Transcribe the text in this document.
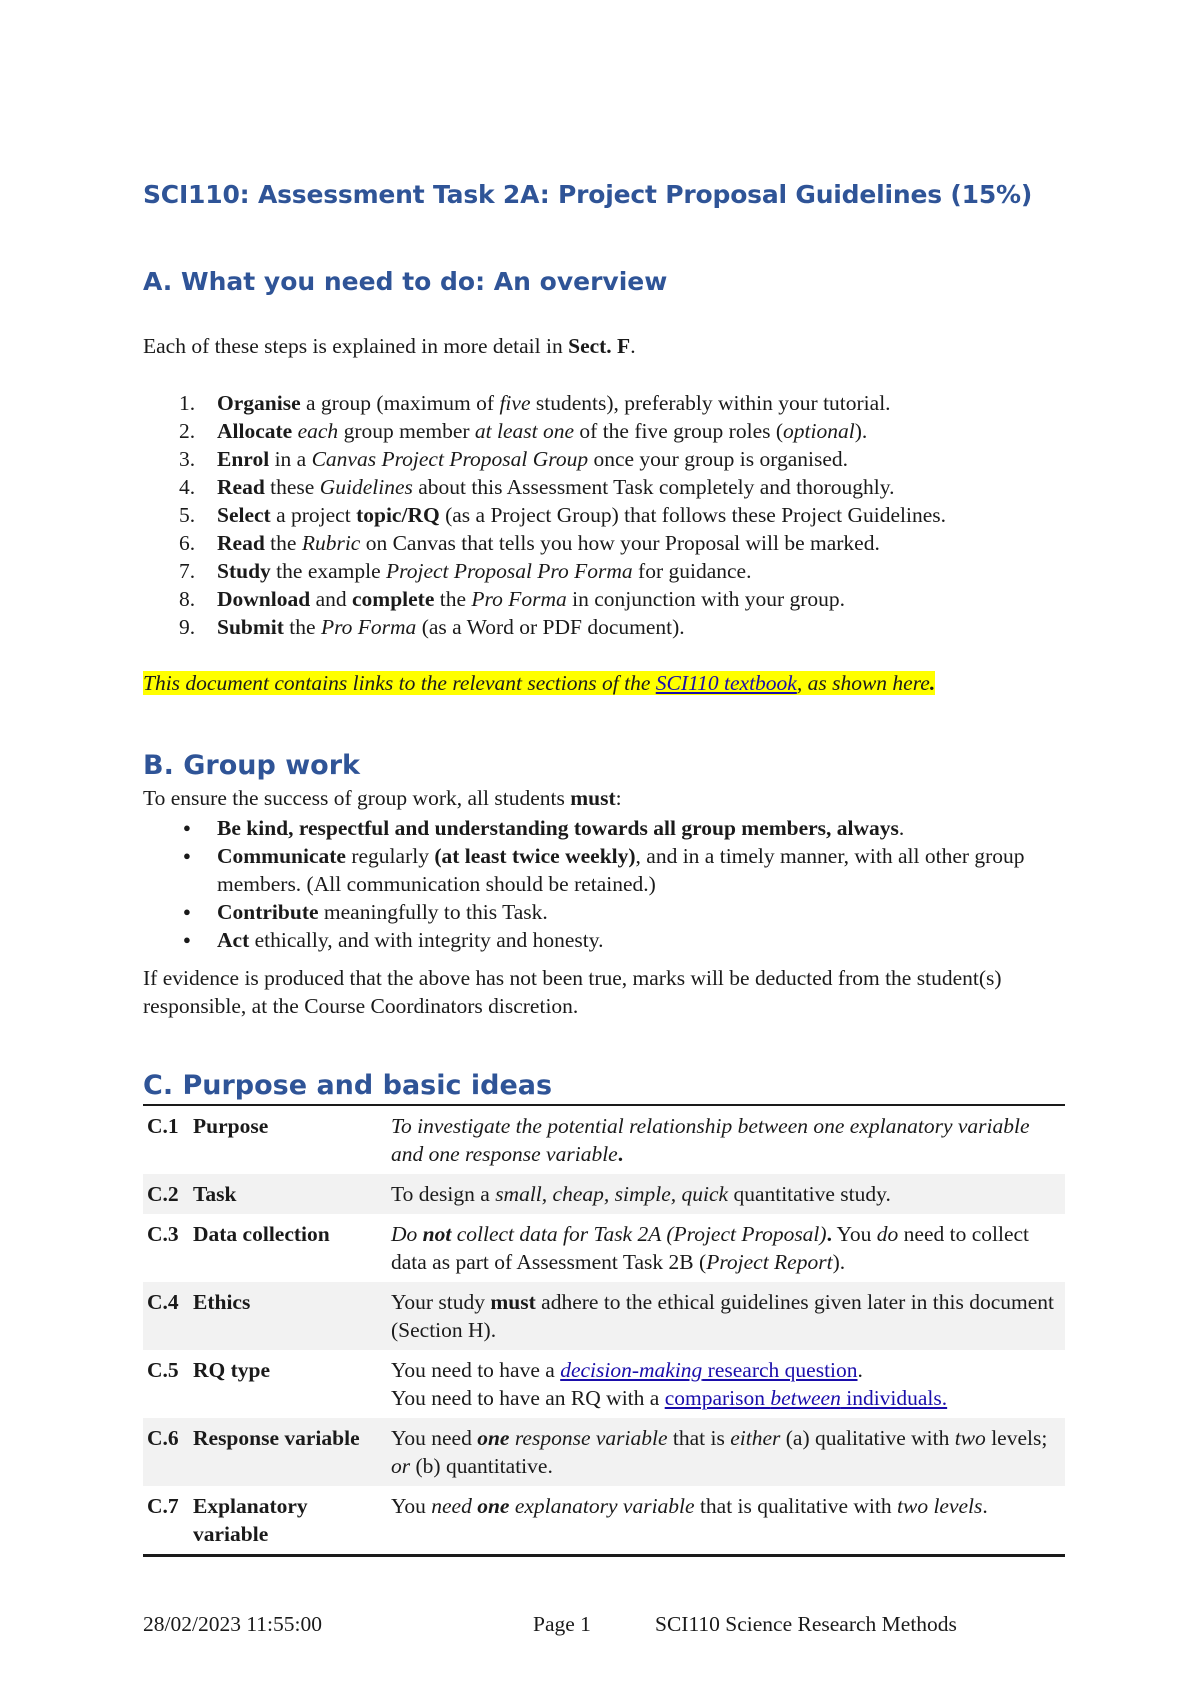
SCI110: Assessment Task 2A: Project Proposal Guidelines (15%)
A. What you need to do: An overview

Each of these steps is explained in more detail in Sect. F.

1. Organise a group (maximum of five students), preferably within your tutorial.
2. Allocate each group member at least one of the five group roles (optional).
3. Enrol in a Canvas Project Proposal Group once your group is organised.
4. Read these Guidelines about this Assessment Task completely and thoroughly.
5. Select a project topic/RQ (as a Project Group) that follows these Project Guidelines.
6. Read the Rubric on Canvas that tells you how your Proposal will be marked.
7. Study the example Project Proposal Pro Forma for guidance.
8. Download and complete the Pro Forma in conjunction with your group.
9. Submit the Pro Forma (as a Word or PDF document).

This document contains links to the relevant sections of the SCI110 textbook, as shown here.

B. Group work

To ensure the success of group work, all students must:

● Be kind, respectful and understanding towards all group members, always.
● Communicate regularly (at least twice weekly), and in a timely manner, with all other group members. (All communication should be retained.)
● Contribute meaningfully to this Task.
● Act ethically, and with integrity and honesty.

If evidence is produced that the above has not been true, marks will be deducted from the student(s) responsible, at the Course Coordinators discretion.

C. Purpose and basic ideas
C.1 Purpose	To investigate the potential relationship between one explanatory variable and one response variable.
C.2 Task	To design a small, cheap, simple, quick quantitative study.
C.3 Data collection	Do not collect data for Task 2A (Project Proposal). You do need to collect data as part of Assessment Task 2B (Project Report).
C.4 Ethics	Your study must adhere to the ethical guidelines given later in this document (Section H).
C.5 RQ type	You need to have a decision-making research question.
You need to have an RQ with a comparison between individuals.
C.6 Response variable	You need one response variable that is either (a) qualitative with two levels; or (b) quantitative.
C.7 Explanatory variable	You need one explanatory variable that is qualitative with two levels.
28/02/2023 11:55:00	Page 1	SCI110 Science Research Methods
